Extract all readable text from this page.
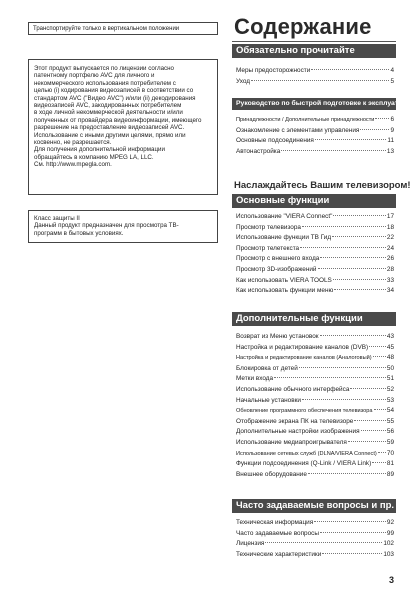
Транспортируйте только в вертикальном положении

Этот продукт выпускается по лицензии согласно
патентному портфелю AVC для личного и
некоммерческого использования потребителем с
целью (i) кодирования видеозаписей в соответствии со
стандартом AVC ("Видео AVC") и/или (ii) декодирования
видеозаписей AVC, закодированных потребителем
в ходе личной некоммерческой деятельности и/или
полученных от провайдера видеоинформации, имеющего
разрешение на предоставление видеозаписей AVC.
Использование с иными другими целями, прямо или
косвенно, не разрешается.
Для получения дополнительной информации
обращайтесь в компанию MPEG LA, LLC.
См. http://www.mpegla.com.

Класс защиты II
Данный продукт предназначен для просмотра ТВ-
программ в бытовых условиях.

Содержание
Обязательно прочитайте
Меры предосторожности	4
Уход	5
Руководство по быстрой подготовке к эксплуатации
Принадлежности / Дополнительные принадлежности	6
Ознакомление с элементами управления	9
Основные подсоединения	11
Автонастройка	13
Наслаждайтесь Вашим телевизором!
Основные функции
Использование "VIERA Connect"	17
Просмотр телевизора	18
Использование функции ТВ Гид	22
Просмотр телетекста	24
Просмотр с внешнего входа	26
Просмотр 3D-изображений	28
Как использовать VIERA TOOLS	33
Как использовать функции меню	34
Дополнительные функции
Возврат из Меню установок	43
Настройка и редактирование каналов (DVB)	45
Настройка и редактирование каналов (Аналоговый) 48
Блокировка от детей	50
Метки входа	51
Использование обычного интерфейса	52
Начальные установки	53
Обновление программного обеспечения телевизора 54
Отображение экрана ПК на телевизоре	55
Дополнительные настройки изображения	56
Использование медиапроигрывателя	59
Использование сетевых служб (DLNA/VIERA Connect) 70
Функции подсоединения (Q-Link / VIERA Link) 81
Внешнее оборудование	89
Часто задаваемые вопросы и пр.
Техническая информация	92
Часто задаваемые вопросы	99
Лицензия	102
Технические характеристики	103
3
